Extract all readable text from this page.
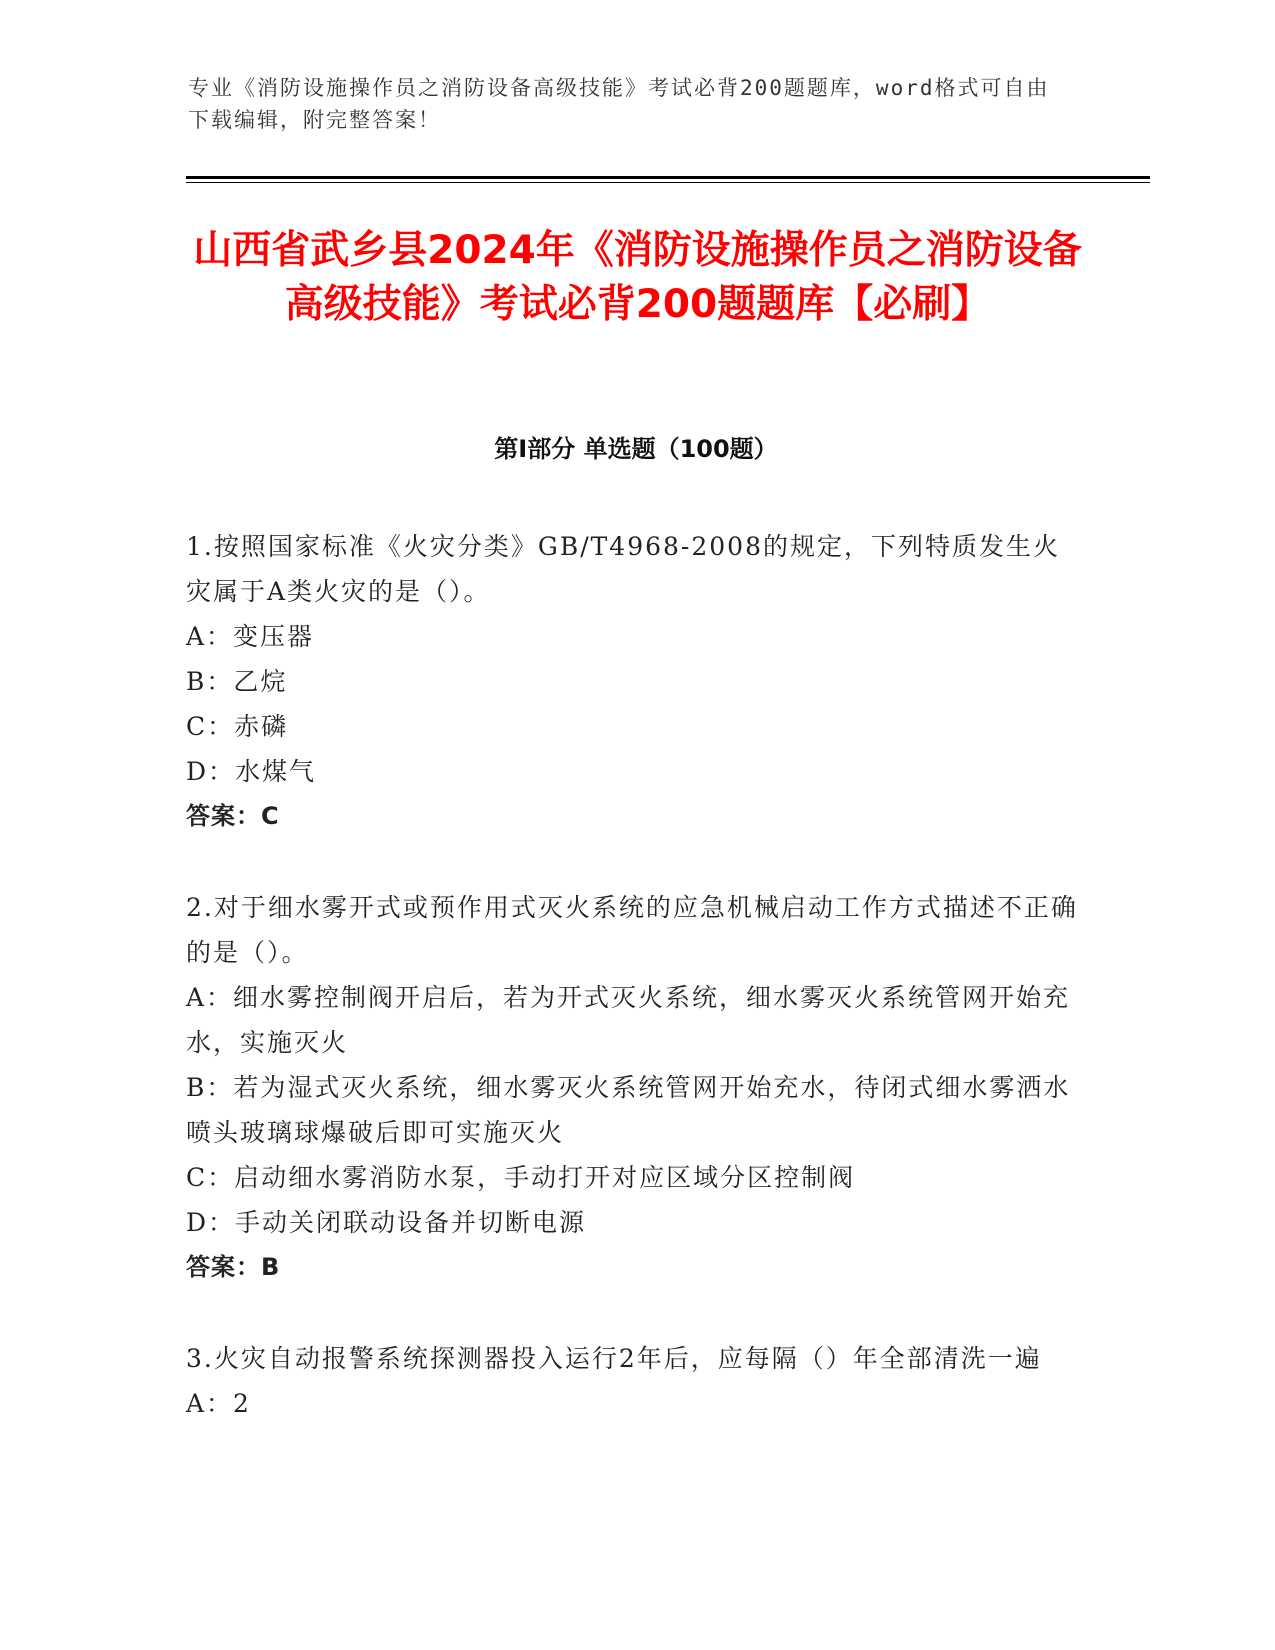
专业《消防设施操作员之消防设备高级技能》考试必背200题题库，word格式可自由下载编辑，附完整答案！
山西省武乡县2024年《消防设施操作员之消防设备高级技能》考试必背200题题库【必刷】
第Ⅰ部分 单选题（100题）

1.按照国家标准《火灾分类》GB/T4968-2008的规定，下列特质发生火灾属于A类火灾的是（）。

A：变压器

B：乙烷

C：赤磷

D：水煤气

答案：C

2.对于细水雾开式或预作用式灭火系统的应急机械启动工作方式描述不正确的是（）。

A：细水雾控制阀开启后，若为开式灭火系统，细水雾灭火系统管网开始充水，实施灭火

B：若为湿式灭火系统，细水雾灭火系统管网开始充水，待闭式细水雾洒水喷头玻璃球爆破后即可实施灭火

C：启动细水雾消防水泵，手动打开对应区域分区控制阀

D：手动关闭联动设备并切断电源

答案：B

3.火灾自动报警系统探测器投入运行2年后，应每隔（）年全部清洗一遍

A：2
